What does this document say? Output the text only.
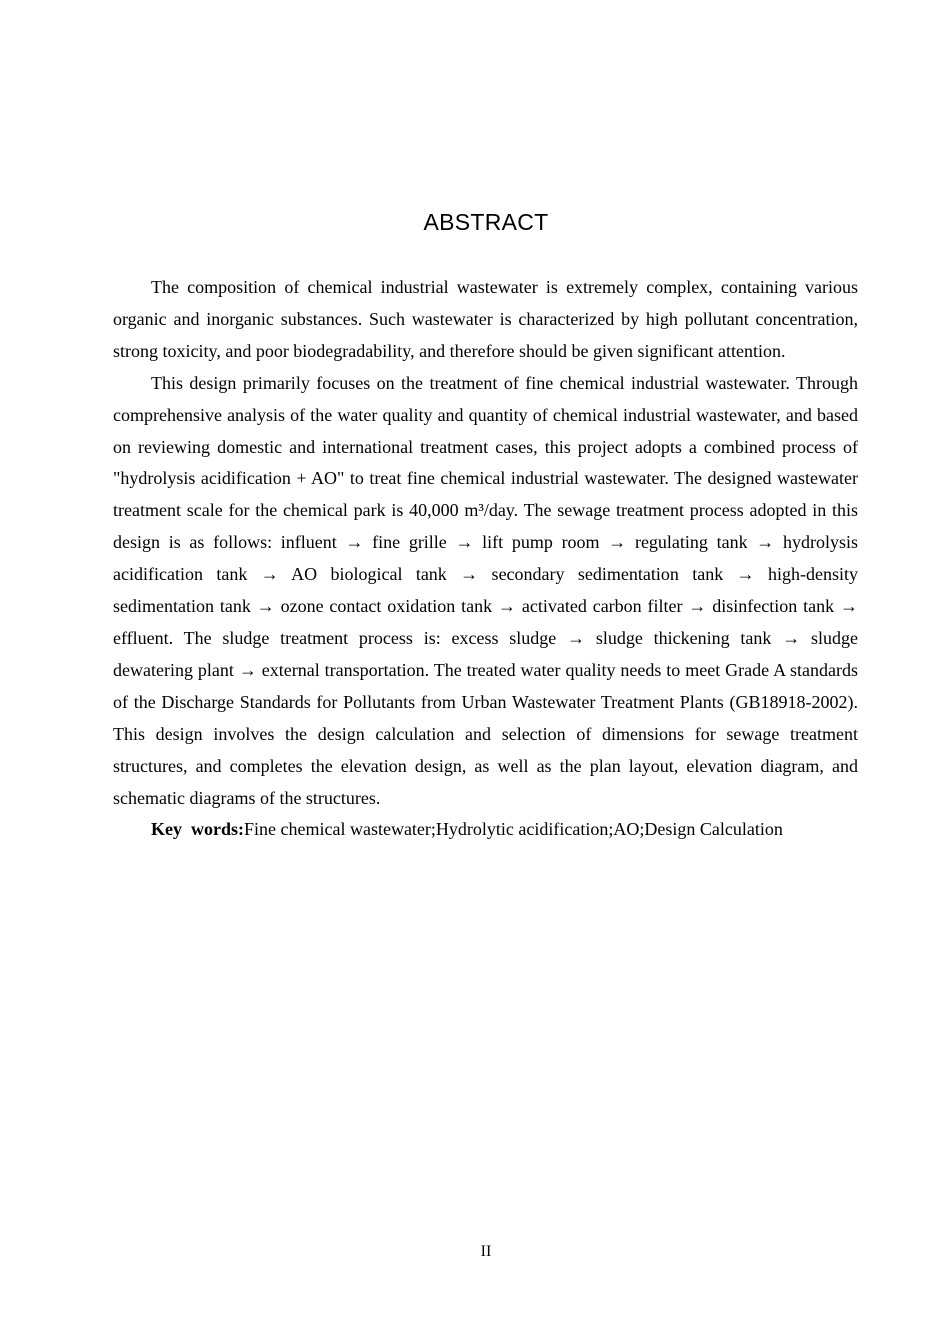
ABSTRACT

The composition of chemical industrial wastewater is extremely complex, containing various organic and inorganic substances. Such wastewater is characterized by high pollutant concentration, strong toxicity, and poor biodegradability, and therefore should be given significant attention.

This design primarily focuses on the treatment of fine chemical industrial wastewater. Through comprehensive analysis of the water quality and quantity of chemical industrial wastewater, and based on reviewing domestic and international treatment cases, this project adopts a combined process of "hydrolysis acidification + AO" to treat fine chemical industrial wastewater. The designed wastewater treatment scale for the chemical park is 40,000 m³/day. The sewage treatment process adopted in this design is as follows: influent → fine grille → lift pump room → regulating tank → hydrolysis acidification tank → AO biological tank → secondary sedimentation tank → high-density sedimentation tank → ozone contact oxidation tank → activated carbon filter → disinfection tank → effluent. The sludge treatment process is: excess sludge → sludge thickening tank → sludge dewatering plant → external transportation. The treated water quality needs to meet Grade A standards of the Discharge Standards for Pollutants from Urban Wastewater Treatment Plants (GB18918-2002). This design involves the design calculation and selection of dimensions for sewage treatment structures, and completes the elevation design, as well as the plan layout, elevation diagram, and schematic diagrams of the structures.

Key  words:Fine chemical wastewater;Hydrolytic acidification;AO;Design Calculation

II
